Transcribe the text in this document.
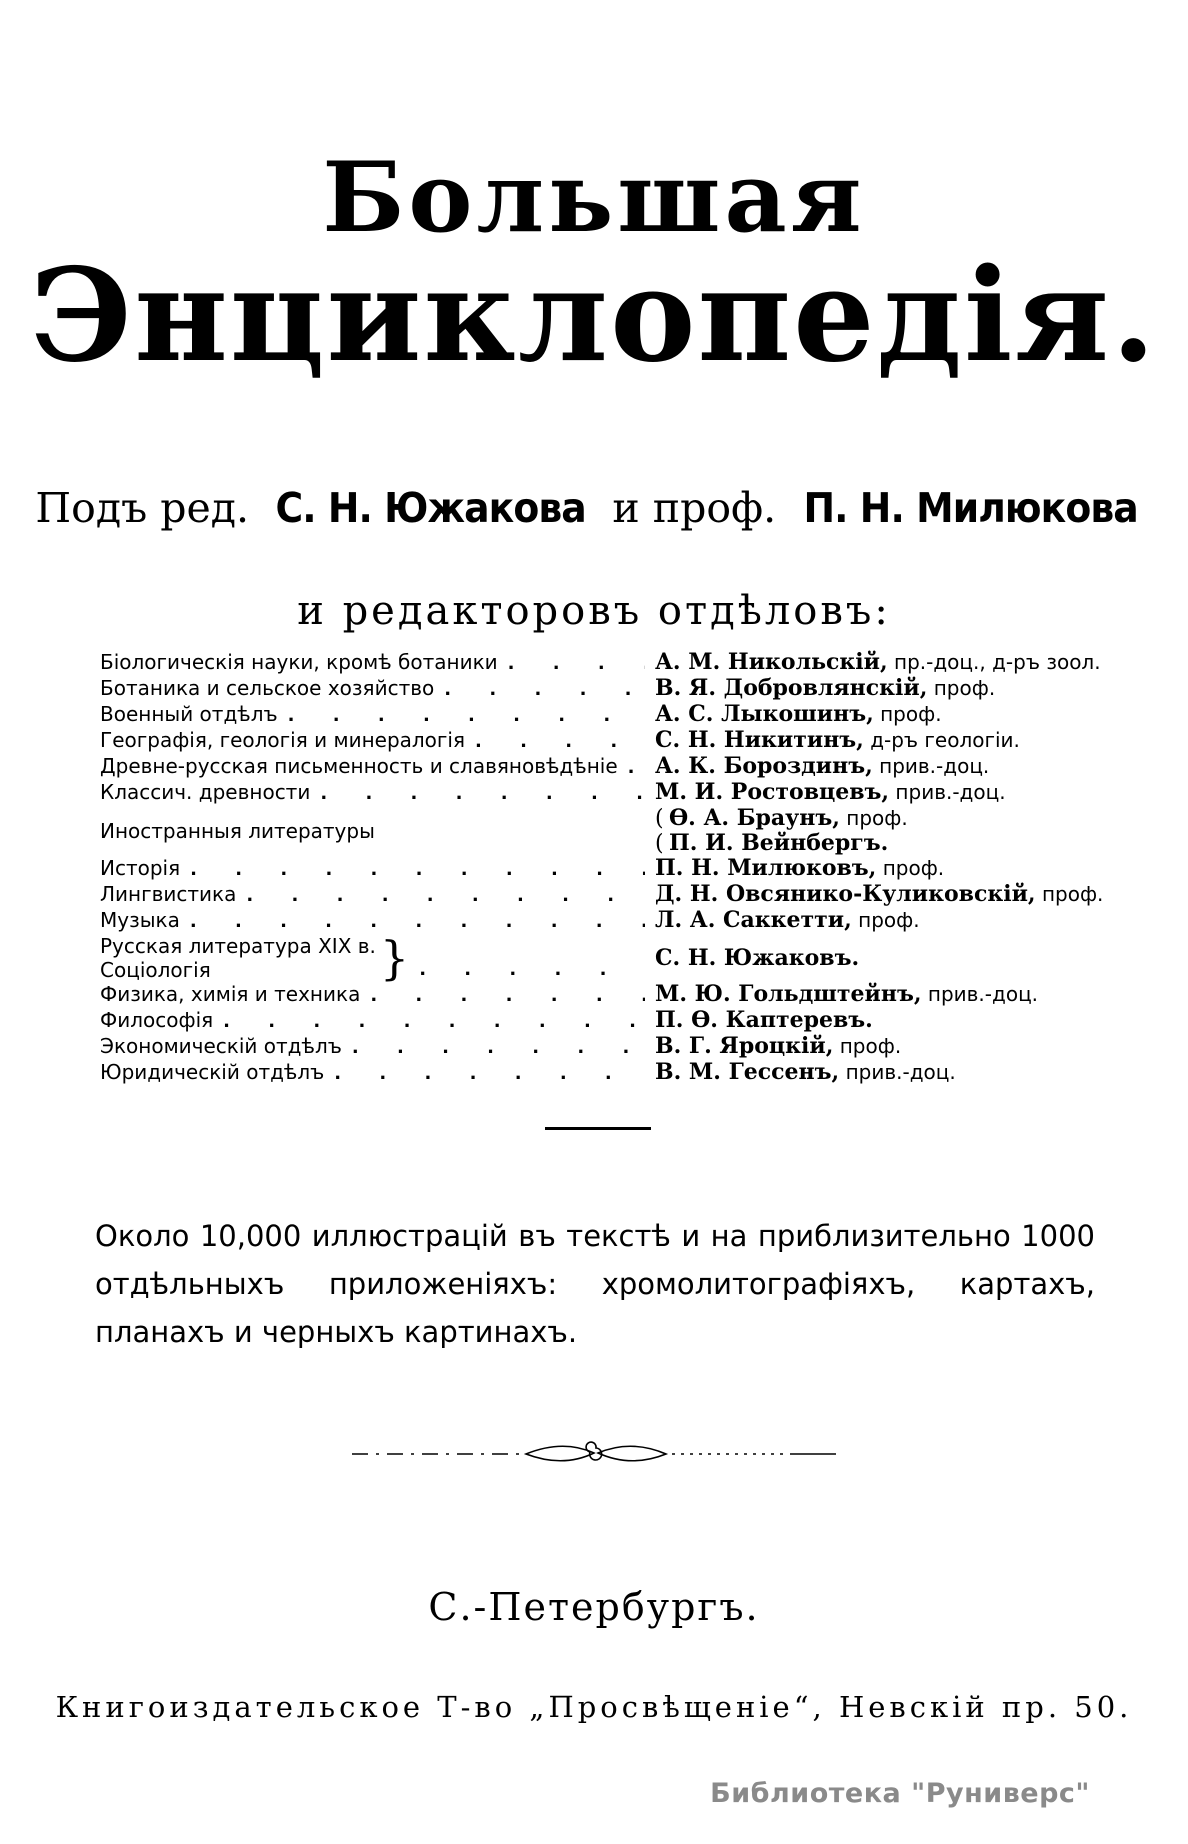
Большая
Энциклопедія.
Подъ ред. С. Н. Южакова и проф. П. Н. Милюкова
и редакторовъ отдѣловъ:
Біологическія науки, кромѣ ботаники . . .	А. М. Никольскій, пр.-доц., д-ръ зоол.
Ботаника и сельское хозяйство . . .	В. Я. Добровлянскій, проф.
Военный отдѣлъ . . .	А. С. Лыкошинъ, проф.
Географія, геологія и минералогія . . .	С. Н. Никитинъ, д-ръ геологіи.
Древне-русская письменность и славяновѣдѣніе . . . А. К. Бороздинъ, прив.-доц.
Классич. древности . . .	М. И. Ростовцевъ, прив.-доц.
Иностранныя литературы	( Ѳ. А. Браунъ, проф.
( П. И. Вейнбергъ.
Исторія . . .	П. Н. Милюковъ, проф.
Лингвистика . . .	Д. Н. Овсянико-Куликовскій, проф.
Музыка . . .	Л. А. Саккетти, проф.
Русская литература XIX в.
Соціологія	} . . .	С. Н. Южаковъ.
Физика, химія и техника . . .	М. Ю. Гольдштейнъ, прив.-доц.
Философія . . .	П. Ѳ. Каптеревъ.
Экономическій отдѣлъ . . .	В. Г. Яроцкій, проф.
Юридическій отдѣлъ . . .	В. М. Гессенъ, прив.-доц.
Около 10,000 иллюстрацій въ текстѣ и на приблизительно 1000 отдѣльныхъ приложеніяхъ: хромолитографіяхъ, картахъ, планахъ и черныхъ картинахъ.
С.-Петербургъ.
Книгоиздательское Т-во „Просвѣщеніе“, Невскій пр. 50.
Библиотека "Руниверс"
